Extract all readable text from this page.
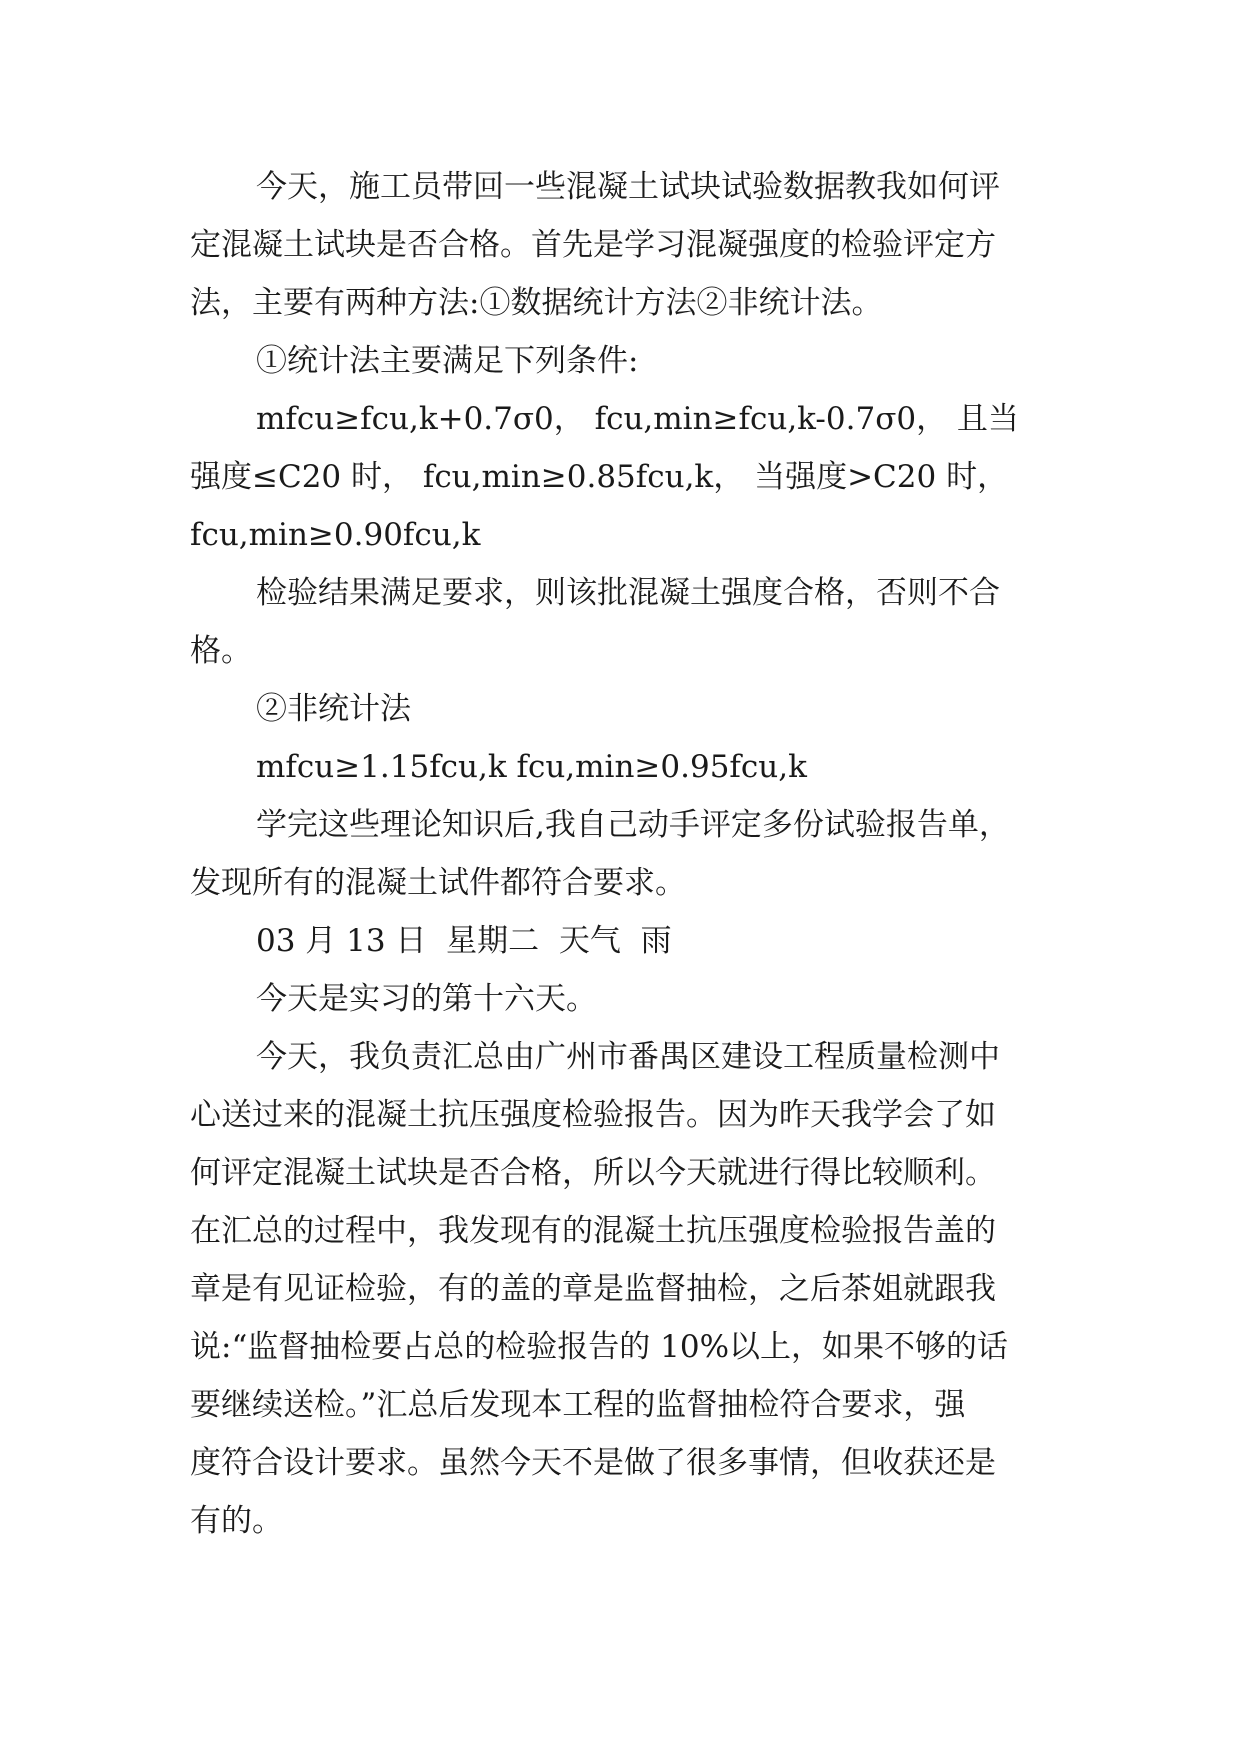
今天，施工员带回一些混凝土试块试验数据教我如何评
定混凝土试块是否合格。首先是学习混凝强度的检验评定方
法，主要有两种方法:①数据统计方法②非统计法。
①统计法主要满足下列条件:
mfcu≥fcu,k+0.7σ0， fcu,min≥fcu,k-0.7σ0， 且当
强度≤C20 时， fcu,min≥0.85fcu,k， 当强度>C20 时，
fcu,min≥0.90fcu,k
检验结果满足要求，则该批混凝土强度合格，否则不合
格。
②非统计法
mfcu≥1.15fcu,k fcu,min≥0.95fcu,k
学完这些理论知识后,我自己动手评定多份试验报告单，
发现所有的混凝土试件都符合要求。
03 月 13 日  星期二  天气  雨
今天是实习的第十六天。
今天，我负责汇总由广州市番禺区建设工程质量检测中
心送过来的混凝土抗压强度检验报告。因为昨天我学会了如
何评定混凝土试块是否合格，所以今天就进行得比较顺利。
在汇总的过程中，我发现有的混凝土抗压强度检验报告盖的
章是有见证检验，有的盖的章是监督抽检，之后茶姐就跟我
说:“监督抽检要占总的检验报告的 10%以上，如果不够的话
要继续送检。”汇总后发现本工程的监督抽检符合要求，强
度符合设计要求。虽然今天不是做了很多事情，但收获还是
有的。
